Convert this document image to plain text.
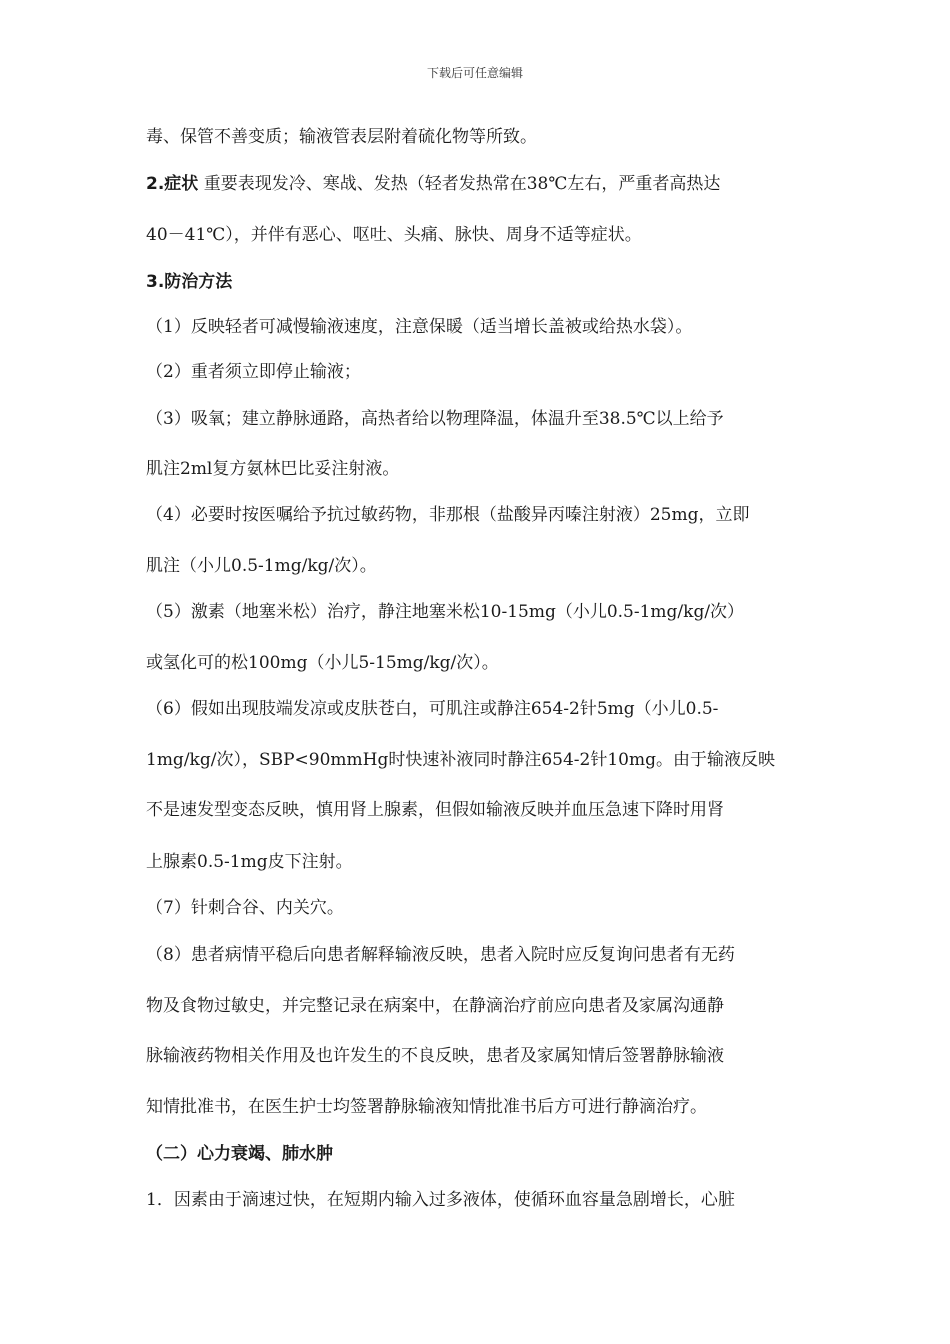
下载后可任意编辑
毒、保管不善变质；输液管表层附着硫化物等所致。
2.症状 重要表现发冷、寒战、发热（轻者发热常在38℃左右，严重者高热达
40－41℃），并伴有恶心、呕吐、头痛、脉快、周身不适等症状。
3.防治方法
（1）反映轻者可减慢输液速度，注意保暖（适当增长盖被或给热水袋）。
（2）重者须立即停止输液；
（3）吸氧；建立静脉通路，高热者给以物理降温，体温升至38.5℃以上给予
肌注2ml复方氨林巴比妥注射液。
（4）必要时按医嘱给予抗过敏药物，非那根（盐酸异丙嗪注射液）25mg，立即
肌注（小儿0.5-1mg/kg/次）。
（5）激素（地塞米松）治疗，静注地塞米松10-15mg（小儿0.5-1mg/kg/次）
或氢化可的松100mg（小儿5-15mg/kg/次）。
（6）假如出现肢端发凉或皮肤苍白，可肌注或静注654-2针5mg（小儿0.5-
1mg/kg/次），SBP<90mmHg时快速补液同时静注654-2针10mg。由于输液反映
不是速发型变态反映，慎用肾上腺素，但假如输液反映并血压急速下降时用肾
上腺素0.5-1mg皮下注射。
（7）针刺合谷、内关穴。
（8）患者病情平稳后向患者解释输液反映，患者入院时应反复询问患者有无药
物及食物过敏史，并完整记录在病案中，在静滴治疗前应向患者及家属沟通静
脉输液药物相关作用及也许发生的不良反映，患者及家属知情后签署静脉输液
知情批准书，在医生护士均签署静脉输液知情批准书后方可进行静滴治疗。
（二）心力衰竭、肺水肿
1．因素由于滴速过快，在短期内输入过多液体，使循环血容量急剧增长，心脏
